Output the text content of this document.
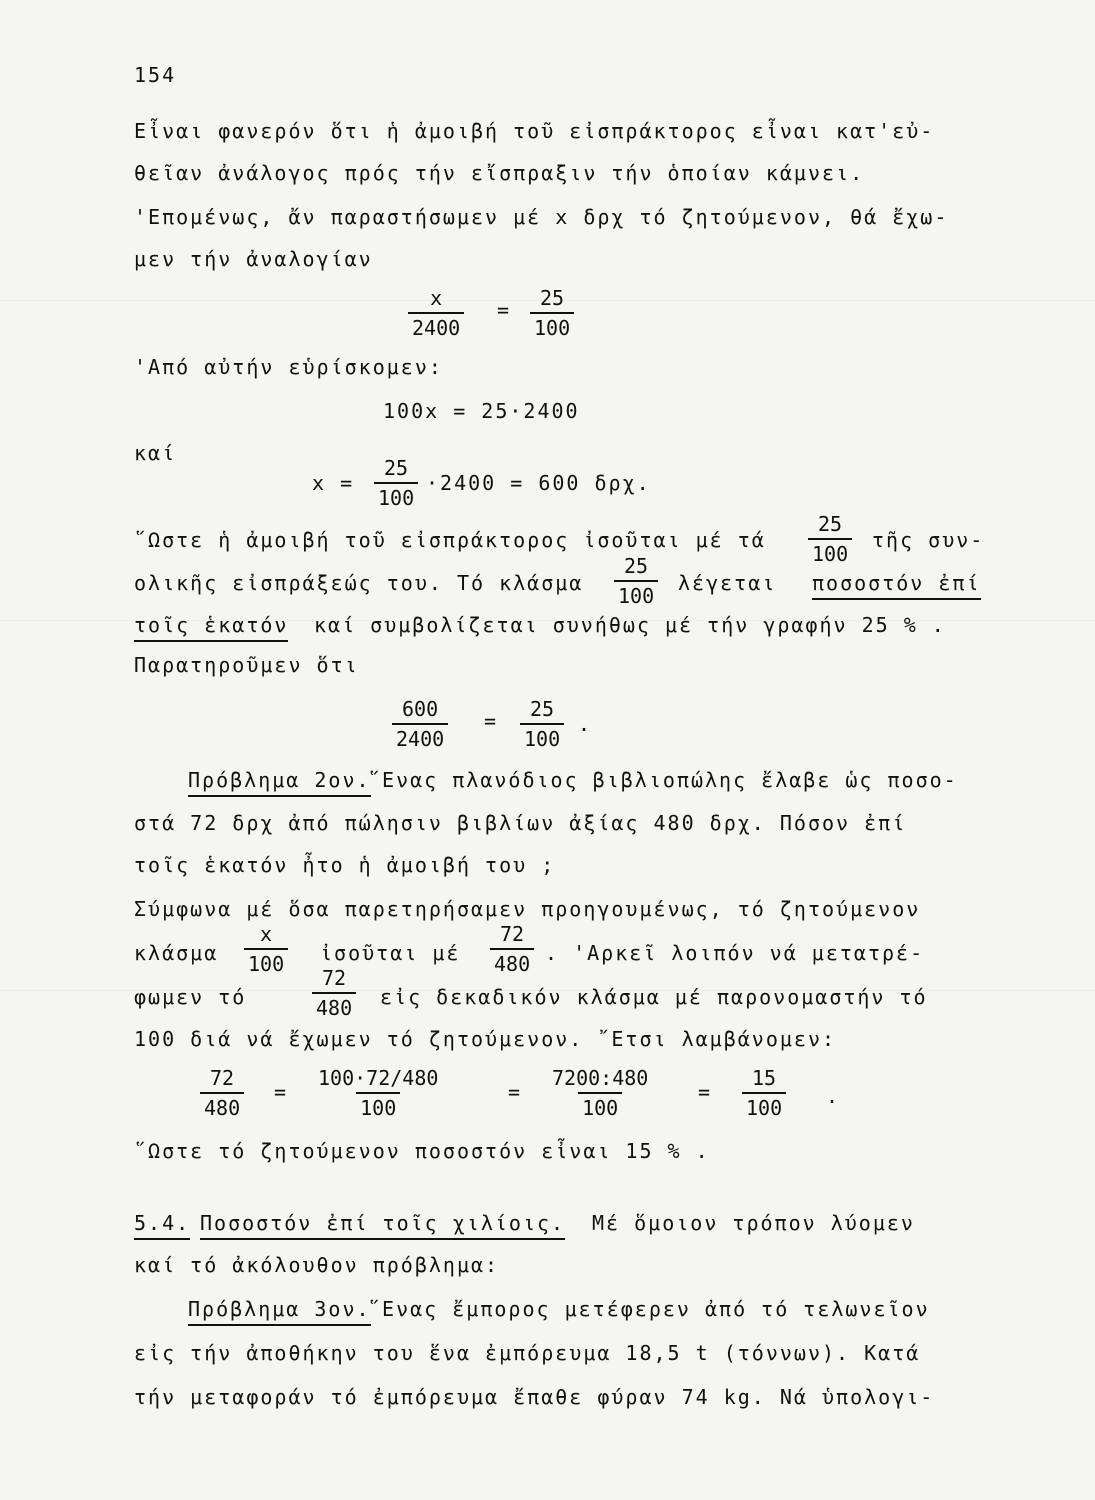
154
Εἶναι φανερόν ὅτι ἡ ἀμοιβή τοῦ εἰσπράκτορος εἶναι κατ'εὐ-
θεῖαν ἀνάλογος πρός τήν εἴσπραξιν τήν ὁποίαν κάμνει.
'Επομένως, ἄν παραστήσωμεν μέ x δρχ τό ζητούμενον, θά ἔχω-
μεν τήν ἀναλογίαν
$\frac{x}{2400} = \frac{25}{100}$
'Από αὐτήν εὑρίσκομεν:
100x = 25·2400
καί
$x = \frac{25}{100} \cdot 2400 = 600$ δρχ.
῞Ωστε ἡ ἀμοιβή τοῦ εἰσπράκτορος ἰσοῦται μέ τά $\frac{25}{100}$ τῆς συν-
ολικῆς εἰσπράξεώς του. Τό κλάσμα $\frac{25}{100}$ λέγεται ποσοστόν ἐπί
τοῖς ἑκατόν καί συμβολίζεται συνήθως μέ τήν γραφήν 25 % .
Παρατηροῦμεν ὅτι
$\frac{600}{2400} = \frac{25}{100}$ .
Πρόβλημα 2ον.
῞Ενας πλανόδιος βιβλιοπώλης ἔλαβε ὡς ποσο-
στά 72 δρχ ἀπό πώλησιν βιβλίων ἀξίας 480 δρχ. Πόσον ἐπί
τοῖς ἑκατόν ἦτο ἡ ἀμοιβή του ;
Σύμφωνα μέ ὅσα παρετηρήσαμεν προηγουμένως, τό ζητούμενον
κλάσμα $\frac{x}{100}$ ἰσοῦται μέ $\frac{72}{480}$ . 'Αρκεῖ λοιπόν νά μετατρέ-
φωμεν τό	$\frac{72}{480}$ εἰς δεκαδικόν κλάσμα μέ παρονομαστήν τό
100 διά νά ἔχωμεν τό ζητούμενον. ῎Ετσι λαμβάνομεν:
$\frac{72}{480} = \frac{100\cdot 72/480}{100}$	= $\frac{7200:480}{100} = \frac{15}{100}$ .
῞Ωστε τό ζητούμενον ποσοστόν εἶναι 15 % .
5.4. Ποσοστόν ἐπί τοῖς χιλίοις. Μέ ὅμοιον τρόπον λύομεν
καί τό ἀκόλουθον πρόβλημα:
Πρόβλημα 3ον.
῞Ενας ἔμπορος μετέφερεν ἀπό τό τελωνεῖον
εἰς τήν ἀποθήκην του ἕνα ἐμπόρευμα 18,5 t (τόννων). Κατά
τήν μεταφοράν τό ἐμπόρευμα ἔπαθε φύραν 74 kg. Νά ὑπολογι-
